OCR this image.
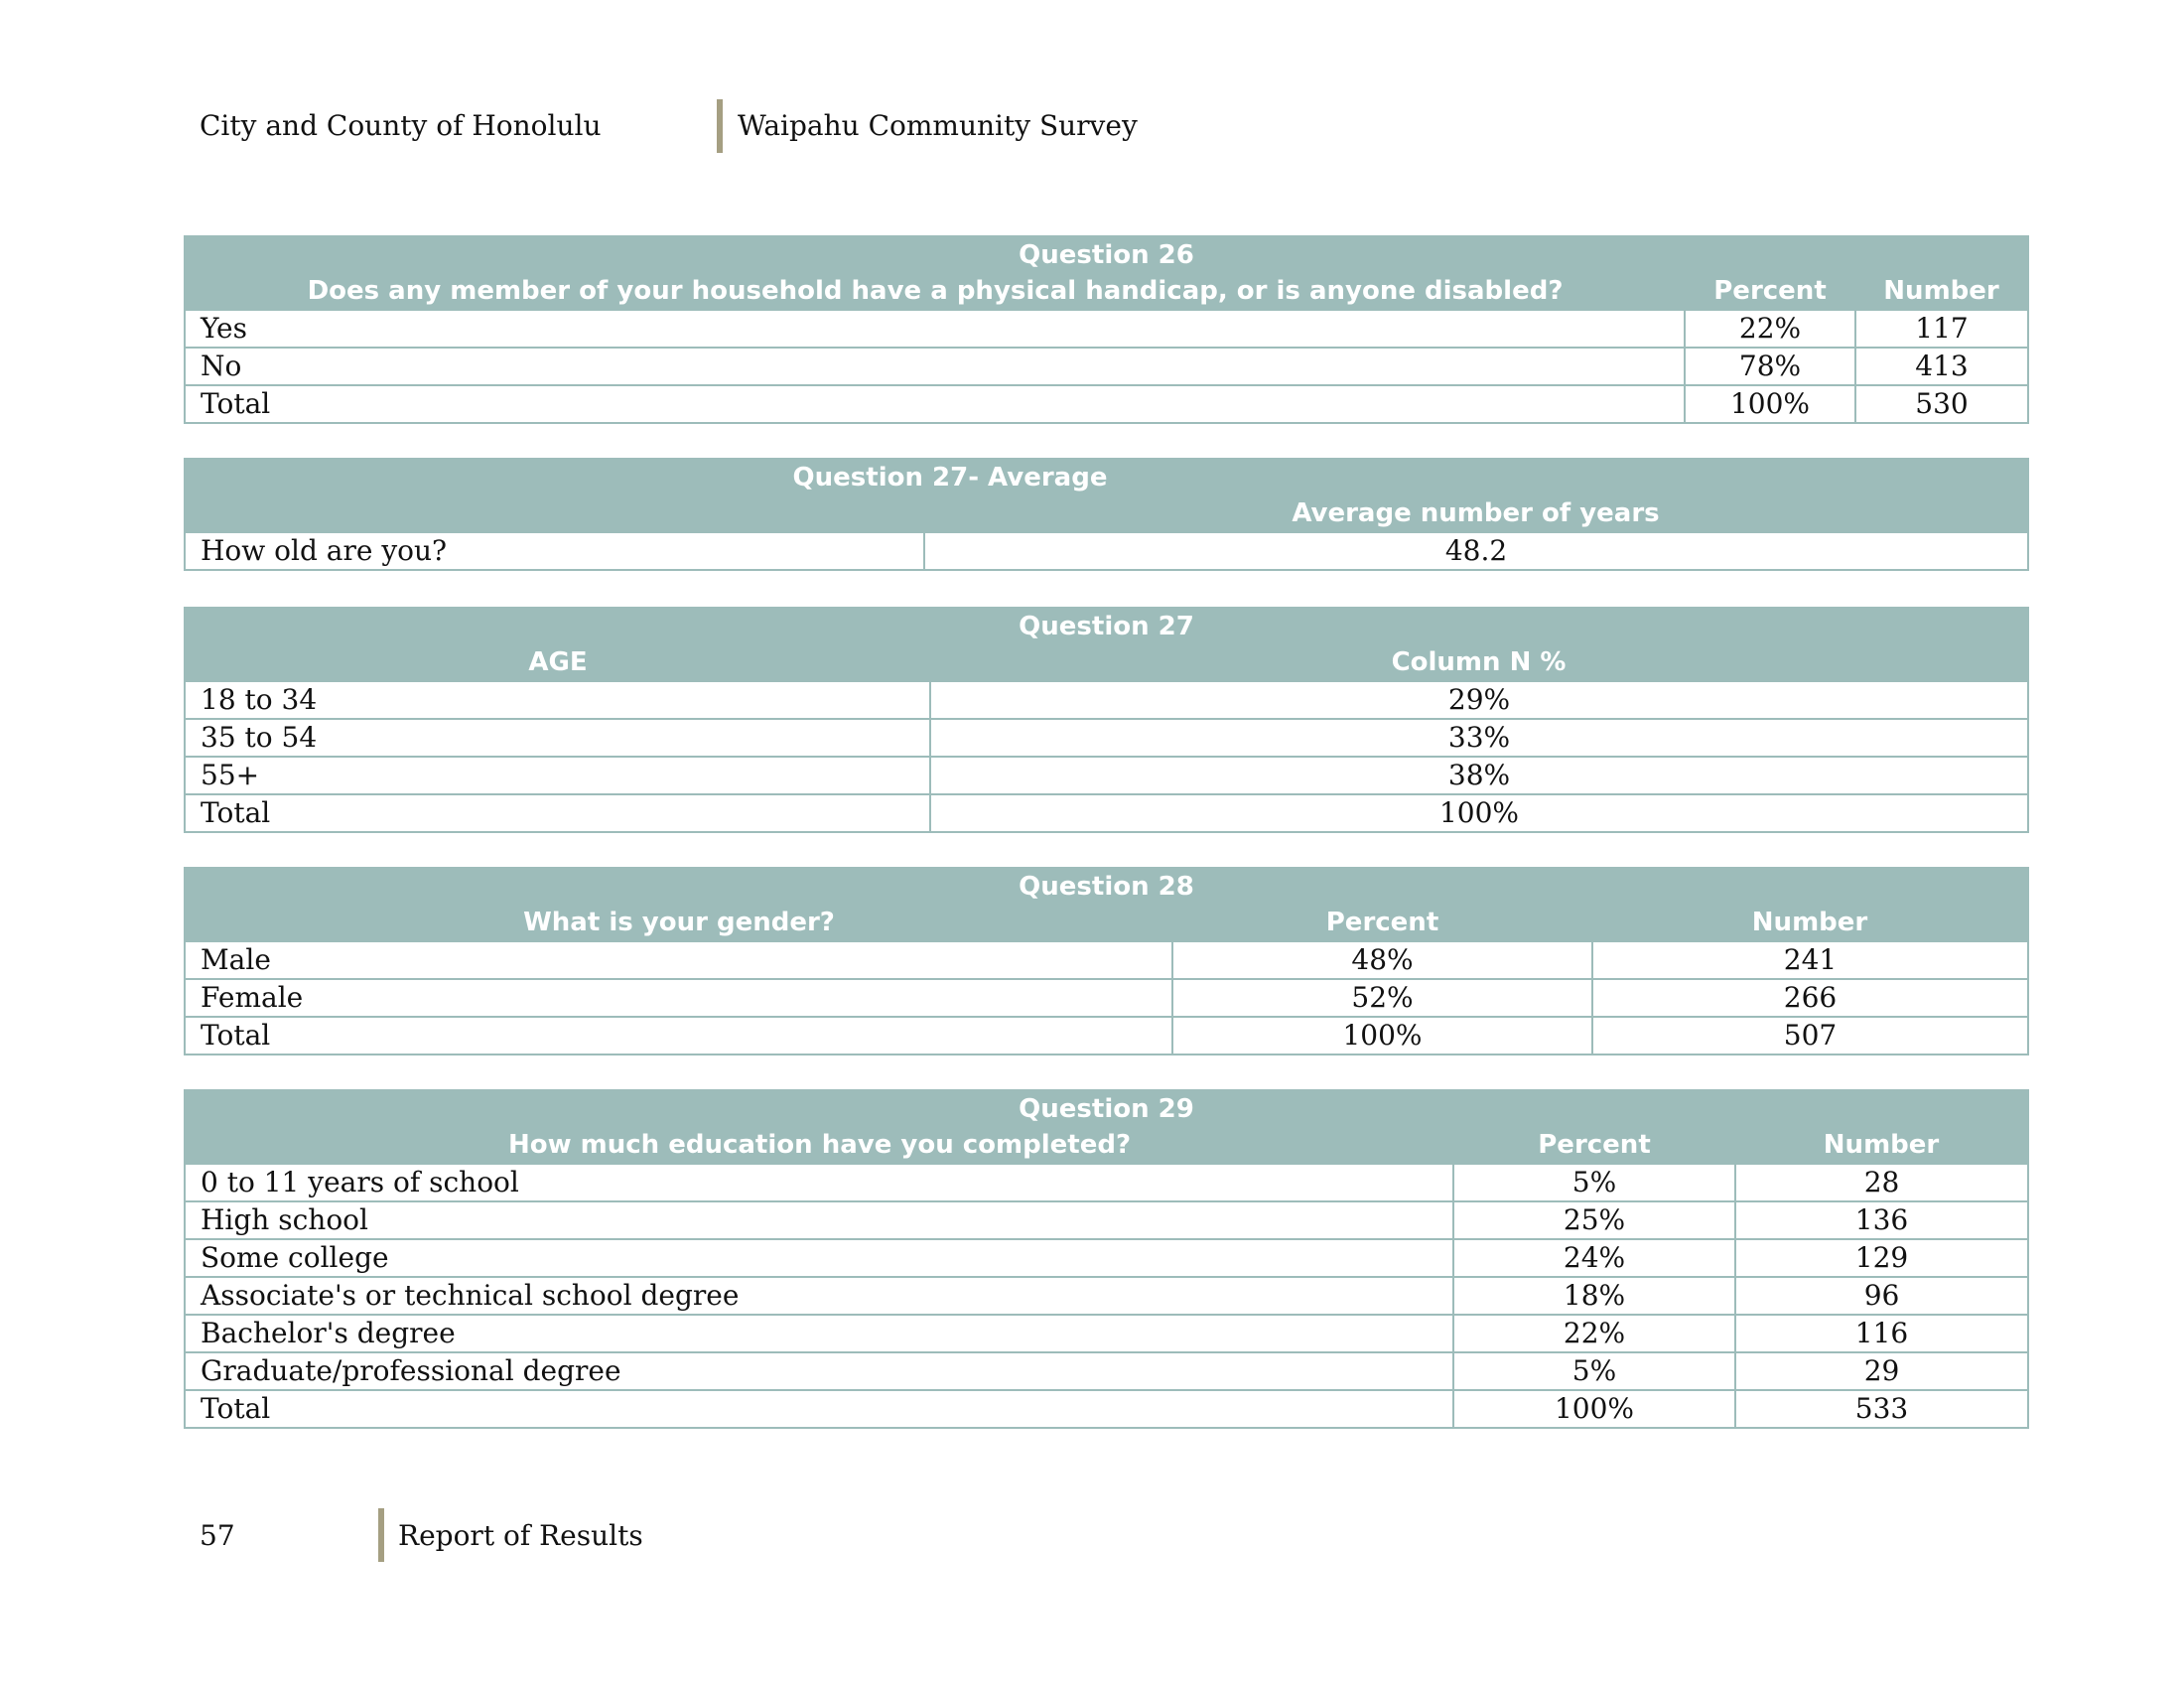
City and County of Honolulu	Waipahu Community Survey
Question 26		
Does any member of your household have a physical handicap, or is anyone disabled?	Percent	Number
Yes	22%	117
No	78%	413
Total	100%	530
Question 27- Average	
	Average number of years
How old are you?	48.2
Question 27	
AGE	Column N %
18 to 34	29%
35 to 54	33%
55+	38%
Total	100%
Question 28		
What is your gender?	Percent	Number
Male	48%	241
Female	52%	266
Total	100%	507
Question 29		
How much education have you completed?	Percent	Number
0 to 11 years of school	5%	28
High school	25%	136
Some college	24%	129
Associate's or technical school degree	18%	96
Bachelor's degree	22%	116
Graduate/professional degree	5%	29
Total	100%	533
57	Report of Results
